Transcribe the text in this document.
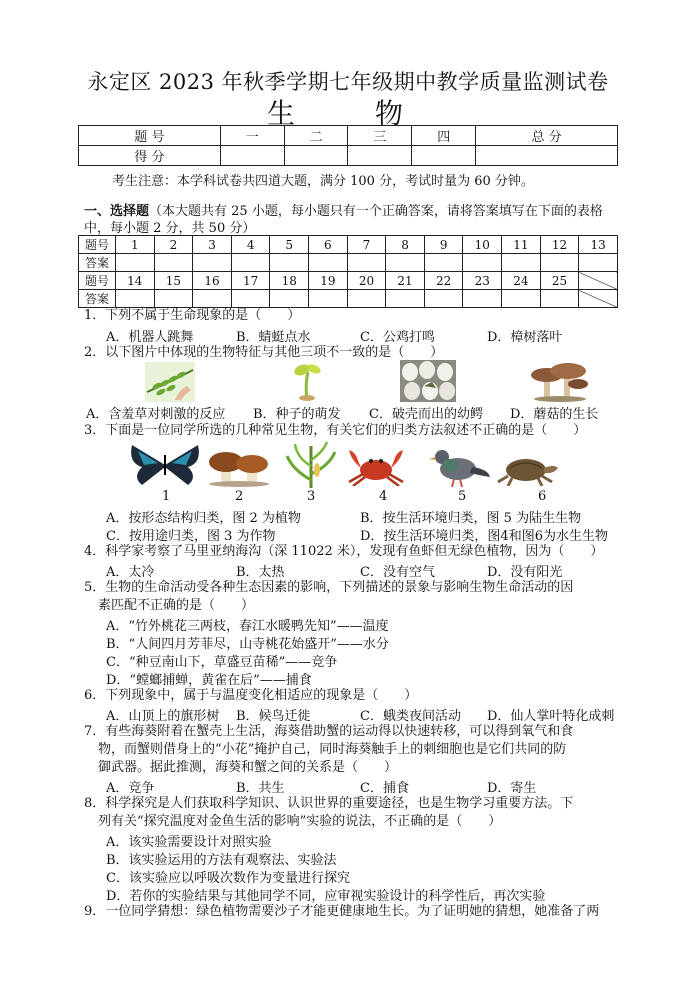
永定区 2023 年秋季学期七年级期中教学质量监测试卷
生　物
题 号	一	二	三	四	总 分
得 分					
考生注意：本学科试卷共四道大题，满分 100 分，考试时量为 60 分钟。
一、选择题（本大题共有 25 小题，每小题只有一个正确答案，请将答案填写在下面的表格中，每小题 2 分，共 50 分）
题号	1	2	3	4	5	6	7	8	9	10	11	12	13
答案													
题号	14	15	16	17	18	19	20	21	22	23	24	25	
答案													
1．下列不属于生命现象的是（　　）
A．机器人跳舞	B．蜻蜓点水	C．公鸡打鸣	D．樟树落叶
2．以下图片中体现的生物特征与其他三项不一致的是（　　）
A．含羞草对刺激的反应 B．种子的萌发 C．破壳而出的幼鳄 D．蘑菇的生长
3．下面是一位同学所选的几种常见生物，有关它们的归类方法叙述不正确的是（　　）
1	2	3	4	5	6
A．按形态结构归类，图 2 为植物	B．按生活环境归类，图 5 为陆生生物
C．按用途归类，图 3 为作物	D．按生活环境归类，图4和图6为水生生物
4．科学家考察了马里亚纳海沟（深 11022 米），发现有鱼虾但无绿色植物，因为（　　）
A．太冷	B．太热	C．没有空气	D．没有阳光
5．生物的生命活动受各种生态因素的影响，下列描述的景象与影响生物生命活动的因
素匹配不正确的是（　　）
A．“竹外桃花三两枝，春江水暖鸭先知”——温度
B．“人间四月芳菲尽，山寺桃花始盛开”——水分
C．“种豆南山下，草盛豆苗稀”——竞争
D．“螳螂捕蝉，黄雀在后”——捕食
6．下列现象中，属于与温度变化相适应的现象是（　　）
A．山顶上的旗形树 B．候鸟迁徙	C．蛾类夜间活动 D．仙人掌叶特化成刺
7．有些海葵附着在蟹壳上生活，海葵借助蟹的运动得以快速转移，可以得到氧气和食
物，而蟹则借身上的“小花”掩护自己，同时海葵触手上的刺细胞也是它们共同的防
御武器。据此推测，海葵和蟹之间的关系是（　　）
A．竞争	B．共生	C．捕食	D．寄生
8．科学探究是人们获取科学知识、认识世界的重要途径，也是生物学习重要方法。下
列有关“探究温度对金鱼生活的影响”实验的说法，不正确的是（　　）
A．该实验需要设计对照实验
B．该实验运用的方法有观察法、实验法
C．该实验应以呼吸次数作为变量进行探究
D．若你的实验结果与其他同学不同，应审视实验设计的科学性后，再次实验
9．一位同学猜想：绿色植物需要沙子才能更健康地生长。为了证明她的猜想，她准备了两
